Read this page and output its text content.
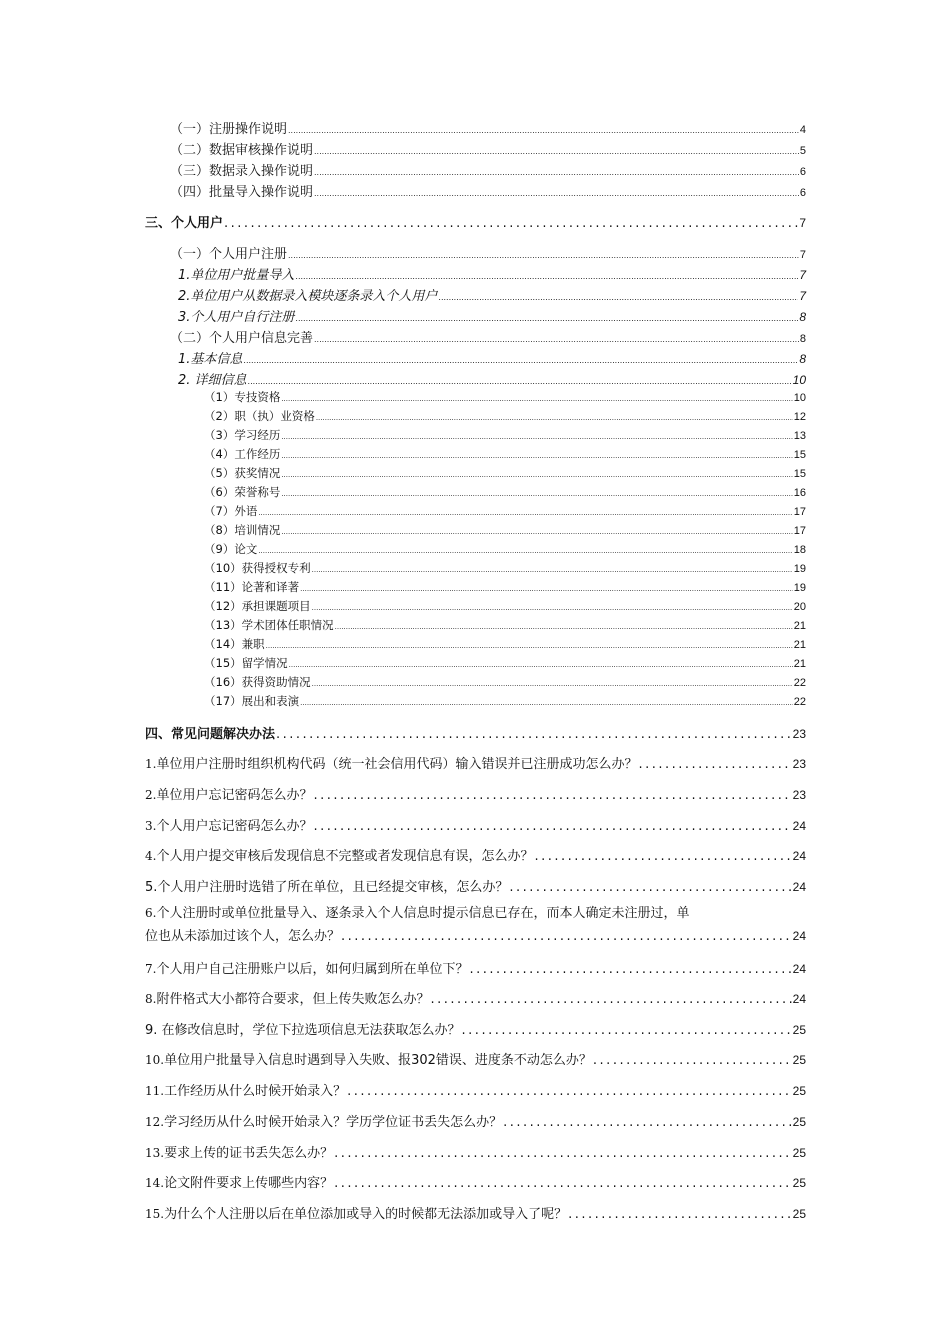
（一）注册操作说明 .....	4
（二）数据审核操作说明 .....	5
（三）数据录入操作说明 .....	6
（四）批量导入操作说明 .....	6
三、个人用户 .....	7
（一）个人用户注册 .....	7
1.单位用户批量导入 .....	7
2.单位用户从数据录入模块逐条录入个人用户 .....	7
3.个人用户自行注册 .....	8
（二）个人用户信息完善 .....	8
1.基本信息 .....	8
2. 详细信息 .....	10
（1）专技资格 .....	10
（2）职（执）业资格 .....	12
（3）学习经历 .....	13
（4）工作经历 .....	15
（5）获奖情况 .....	15
（6）荣誉称号 .....	16
（7）外语 .....	17
（8）培训情况 .....	17
（9）论文 .....	18
（10）获得授权专利 .....	19
（11）论著和译著 .....	19
（12）承担课题项目 .....	20
（13）学术团体任职情况 .....	21
（14）兼职 .....	21
（15）留学情况 .....	21
（16）获得资助情况 .....	22
（17）展出和表演 .....	22
四、常见问题解决办法 .....	23
1.单位用户注册时组织机构代码（统一社会信用代码）输入错误并已注册成功怎么办？ .....	23
2.单位用户忘记密码怎么办？ .....	23
3.个人用户忘记密码怎么办？ .....	24
4.个人用户提交审核后发现信息不完整或者发现信息有误，怎么办？ .....	24
5.个人用户注册时选错了所在单位，且已经提交审核，怎么办？ .....	24
6.个人注册时或单位批量导入、逐条录入个人信息时提示信息已存在，而本人确定未注册过，单
位也从未添加过该个人，怎么办？ .....	24
7.个人用户自己注册账户以后，如何归属到所在单位下？ .....	24
8.附件格式大小都符合要求，但上传失败怎么办？ .....	24
9. 在修改信息时，学位下拉选项信息无法获取怎么办？ .....	25
10.单位用户批量导入信息时遇到导入失败、报302错误、进度条不动怎么办？ .....	25
11.工作经历从什么时候开始录入？ .....	25
12.学习经历从什么时候开始录入？学历学位证书丢失怎么办？ .....	25
13.要求上传的证书丢失怎么办？ .....	25
14.论文附件要求上传哪些内容？ .....	25
15.为什么个人注册以后在单位添加或导入的时候都无法添加或导入了呢？ .....	25
